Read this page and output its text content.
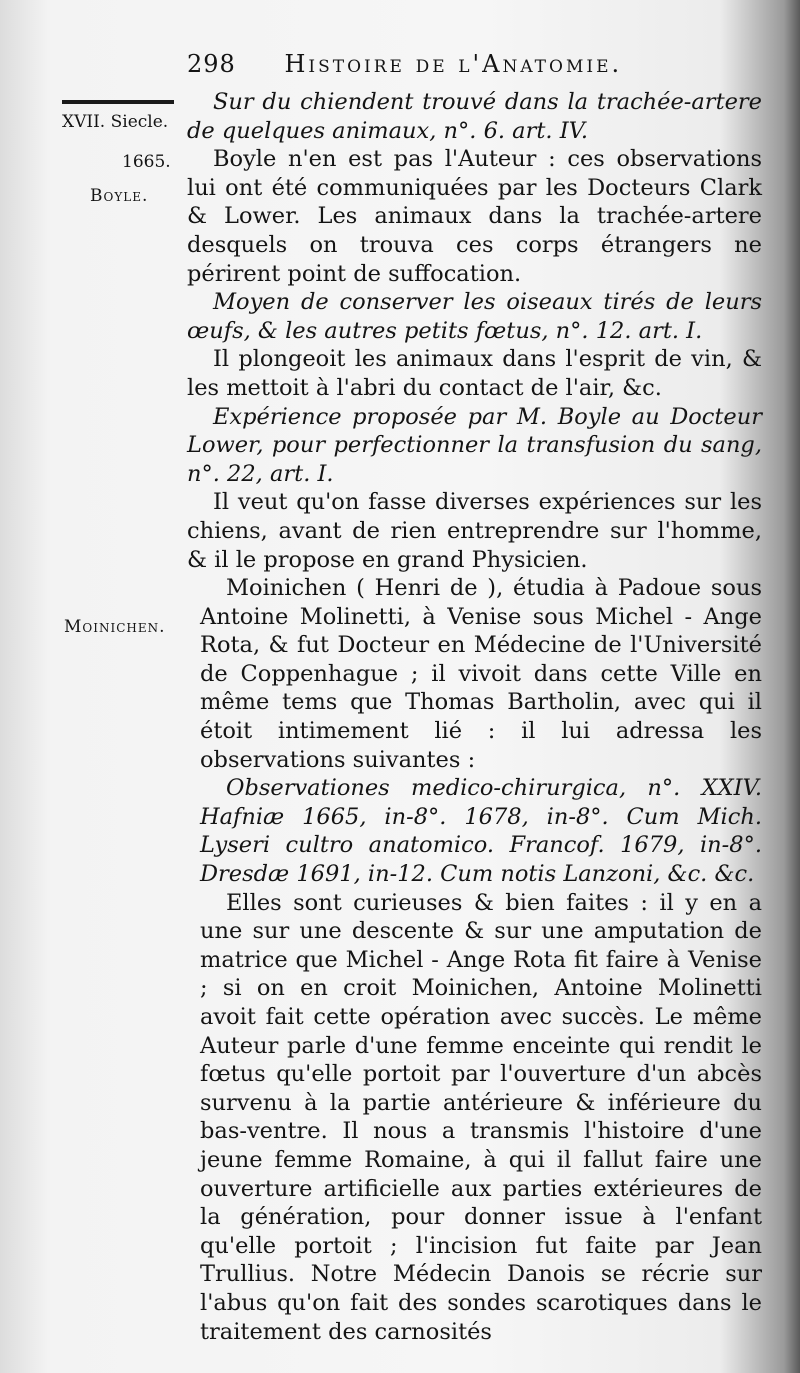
298 Histoire de l'Anatomie.
XVII. Siecle.
1665.
Boyle.
Moinichen.

Sur du chiendent trouvé dans la trachée-artere de quelques animaux, n°. 6. art. IV.

Boyle n'en est pas l'Auteur : ces observations lui ont été communiquées par les Docteurs Clark & Lower. Les animaux dans la trachée-artere desquels on trouva ces corps étrangers ne périrent point de suffocation.

Moyen de conserver les oiseaux tirés de leurs œufs, & les autres petits fœtus, n°. 12. art. I.

Il plongeoit les animaux dans l'esprit de vin, & les mettoit à l'abri du contact de l'air, &c.

Expérience proposée par M. Boyle au Docteur Lower, pour perfectionner la transfusion du sang, n°. 22, art. I.

Il veut qu'on fasse diverses expériences sur les chiens, avant de rien entreprendre sur l'homme, & il le propose en grand Physicien.

Moinichen ( Henri de ), étudia à Padoue sous Antoine Molinetti, à Venise sous Michel - Ange Rota, & fut Docteur en Médecine de l'Université de Coppenhague ; il vivoit dans cette Ville en même tems que Thomas Bartholin, avec qui il étoit intimement lié : il lui adressa les observations suivantes :

Observationes medico-chirurgica, n°. XXIV. Hafniæ 1665, in-8°. 1678, in-8°. Cum Mich. Lyseri cultro anatomico. Francof. 1679, in-8°. Dresdæ 1691, in-12. Cum notis Lanzoni, &c. &c.

Elles sont curieuses & bien faites : il y en a une sur une descente & sur une amputation de matrice que Michel - Ange Rota fit faire à Venise ; si on en croit Moinichen, Antoine Molinetti avoit fait cette opération avec succès. Le même Auteur parle d'une femme enceinte qui rendit le fœtus qu'elle portoit par l'ouverture d'un abcès survenu à la partie antérieure & inférieure du bas-ventre. Il nous a transmis l'histoire d'une jeune femme Romaine, à qui il fallut faire une ouverture artificielle aux parties extérieures de la génération, pour donner issue à l'enfant qu'elle portoit ; l'incision fut faite par Jean Trullius. Notre Médecin Danois se récrie sur l'abus qu'on fait des sondes scarotiques dans le traitement des carnosités
